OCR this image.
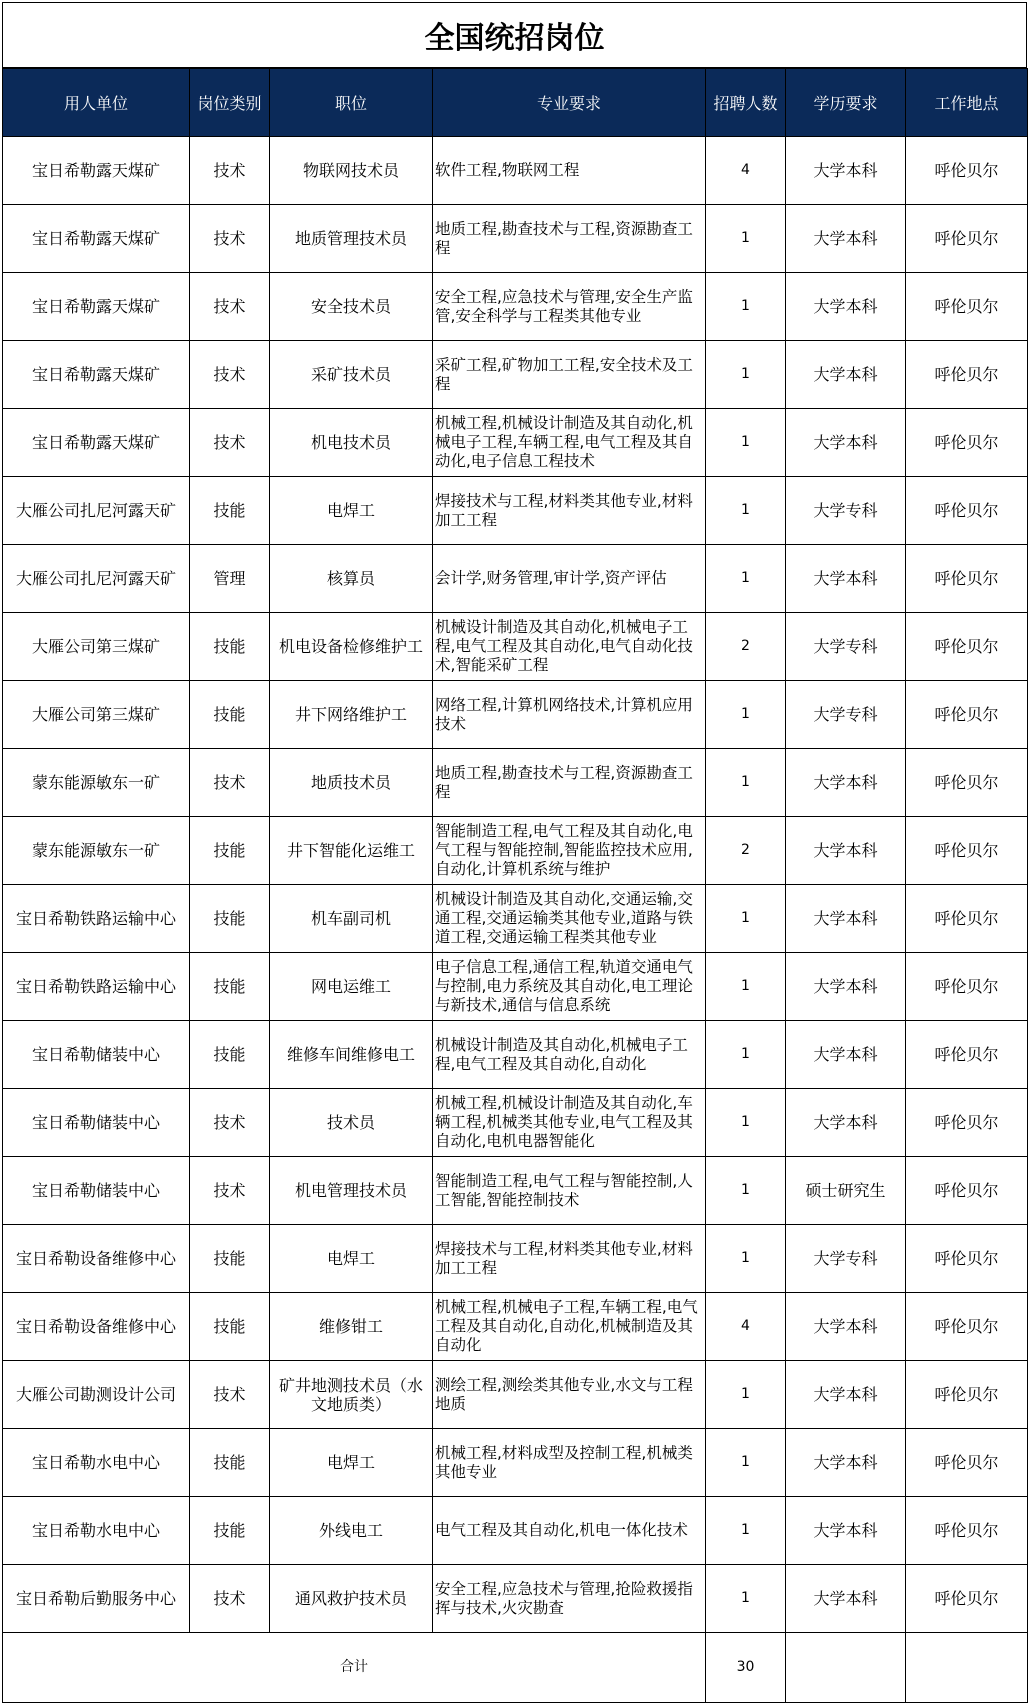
全国统招岗位
用人单位	岗位类别	职位	专业要求	招聘人数	学历要求	工作地点
宝日希勒露天煤矿	技术	物联网技术员	软件工程,物联网工程	4	大学本科	呼伦贝尔
宝日希勒露天煤矿	技术	地质管理技术员	地质工程,勘查技术与工程,资源勘查工程	1	大学本科	呼伦贝尔
宝日希勒露天煤矿	技术	安全技术员	安全工程,应急技术与管理,安全生产监管,安全科学与工程类其他专业	1	大学本科	呼伦贝尔
宝日希勒露天煤矿	技术	采矿技术员	采矿工程,矿物加工工程,安全技术及工程	1	大学本科	呼伦贝尔
宝日希勒露天煤矿	技术	机电技术员	机械工程,机械设计制造及其自动化,机械电子工程,车辆工程,电气工程及其自动化,电子信息工程技术	1	大学本科	呼伦贝尔
大雁公司扎尼河露天矿	技能	电焊工	焊接技术与工程,材料类其他专业,材料加工工程	1	大学专科	呼伦贝尔
大雁公司扎尼河露天矿	管理	核算员	会计学,财务管理,审计学,资产评估	1	大学本科	呼伦贝尔
大雁公司第三煤矿	技能	机电设备检修维护工	机械设计制造及其自动化,机械电子工程,电气工程及其自动化,电气自动化技术,智能采矿工程	2	大学专科	呼伦贝尔
大雁公司第三煤矿	技能	井下网络维护工	网络工程,计算机网络技术,计算机应用技术	1	大学专科	呼伦贝尔
蒙东能源敏东一矿	技术	地质技术员	地质工程,勘查技术与工程,资源勘查工程	1	大学本科	呼伦贝尔
蒙东能源敏东一矿	技能	井下智能化运维工	智能制造工程,电气工程及其自动化,电气工程与智能控制,智能监控技术应用,自动化,计算机系统与维护	2	大学本科	呼伦贝尔
宝日希勒铁路运输中心	技能	机车副司机	机械设计制造及其自动化,交通运输,交通工程,交通运输类其他专业,道路与铁道工程,交通运输工程类其他专业	1	大学本科	呼伦贝尔
宝日希勒铁路运输中心	技能	网电运维工	电子信息工程,通信工程,轨道交通电气与控制,电力系统及其自动化,电工理论与新技术,通信与信息系统	1	大学本科	呼伦贝尔
宝日希勒储装中心	技能	维修车间维修电工	机械设计制造及其自动化,机械电子工程,电气工程及其自动化,自动化	1	大学本科	呼伦贝尔
宝日希勒储装中心	技术	技术员	机械工程,机械设计制造及其自动化,车辆工程,机械类其他专业,电气工程及其自动化,电机电器智能化	1	大学本科	呼伦贝尔
宝日希勒储装中心	技术	机电管理技术员	智能制造工程,电气工程与智能控制,人工智能,智能控制技术	1	硕士研究生	呼伦贝尔
宝日希勒设备维修中心	技能	电焊工	焊接技术与工程,材料类其他专业,材料加工工程	1	大学专科	呼伦贝尔
宝日希勒设备维修中心	技能	维修钳工	机械工程,机械电子工程,车辆工程,电气工程及其自动化,自动化,机械制造及其自动化	4	大学本科	呼伦贝尔
大雁公司勘测设计公司	技术	矿井地测技术员（水文地质类）	测绘工程,测绘类其他专业,水文与工程地质	1	大学本科	呼伦贝尔
宝日希勒水电中心	技能	电焊工	机械工程,材料成型及控制工程,机械类其他专业	1	大学本科	呼伦贝尔
宝日希勒水电中心	技能	外线电工	电气工程及其自动化,机电一体化技术	1	大学本科	呼伦贝尔
宝日希勒后勤服务中心	技术	通风救护技术员	安全工程,应急技术与管理,抢险救援指挥与技术,火灾勘查	1	大学本科	呼伦贝尔
合计				30		
